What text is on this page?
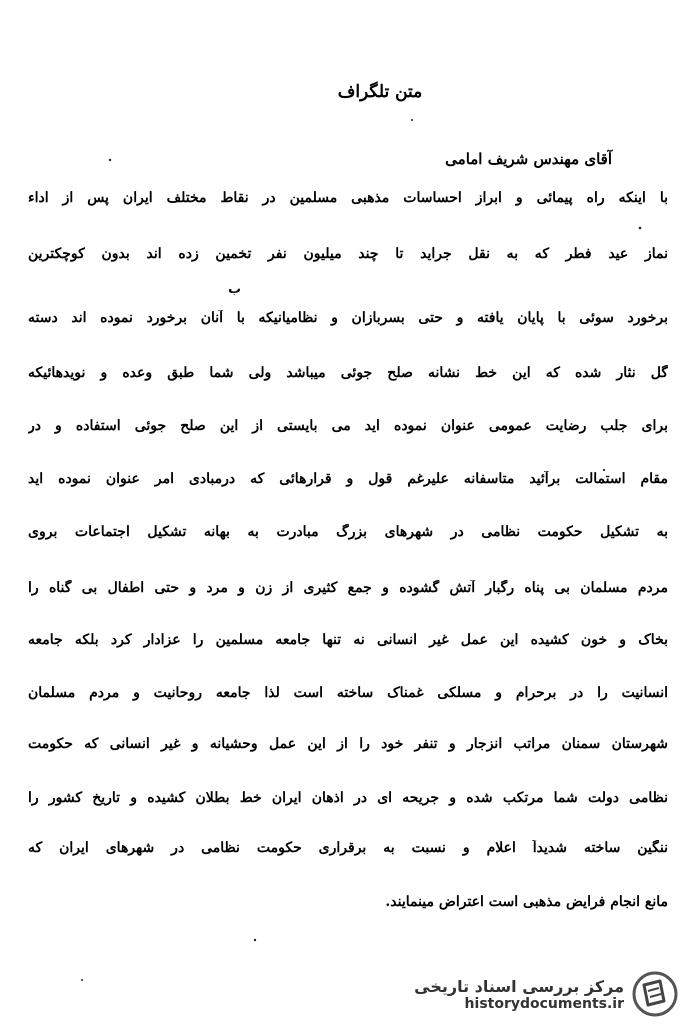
متن تلگراف
آقای مهندس شریف امامی
ب
با اینکه راه پیمائی و ابراز احساسات مذهبی مسلمین در نقاط مختلف ایران پس از اداء
نماز عید فطر که به نقل جراید تا چند میلیون نفر تخمین زده اند بدون کوچکترین
برخورد سوئی با پایان یافته و حتی بسربازان و نظامیانیکه با آنان برخورد نموده اند دسته
گل نثار شده که این خط نشانه صلح جوئی میباشد ولی شما طبق وعده و نویدهائیکه
برای جلب رضایت عمومی عنوان نموده اید می بایستی از این صلح جوئی استفاده و در
مقام استمالت برآئید متاسفانه علیرغم قول و قرارهائی که درمبادی امر عنوان نموده اید
به تشکیل حکومت نظامی در شهرهای بزرگ مبادرت به بهانه تشکیل اجتماعات بروی
مردم مسلمان بی پناه رگبار آتش گشوده و جمع کثیری از زن و مرد و حتی اطفال بی گناه را
بخاک و خون کشیده این عمل غیر انسانی نه تنها جامعه مسلمین را عزادار کرد بلکه جامعه
انسانیت را در برحرام و مسلکی غمناک ساخته است لذا جامعه روحانیت و مردم مسلمان
شهرستان سمنان مراتب انزجار و تنفر خود را از این عمل وحشیانه و غیر انسانی که حکومت
نظامی دولت شما مرتکب شده و جریحه ای در اذهان ایران خط بطلان کشیده و تاریخ کشور را
ننگین ساخته شدیداً اعلام و نسبت به برقراری حکومت نظامی در شهرهای ایران که
مانع انجام فرایض مذهبی است اعتراض مینمایند.
مرکز بررسی اسناد تاریخی
historydocuments.ir
